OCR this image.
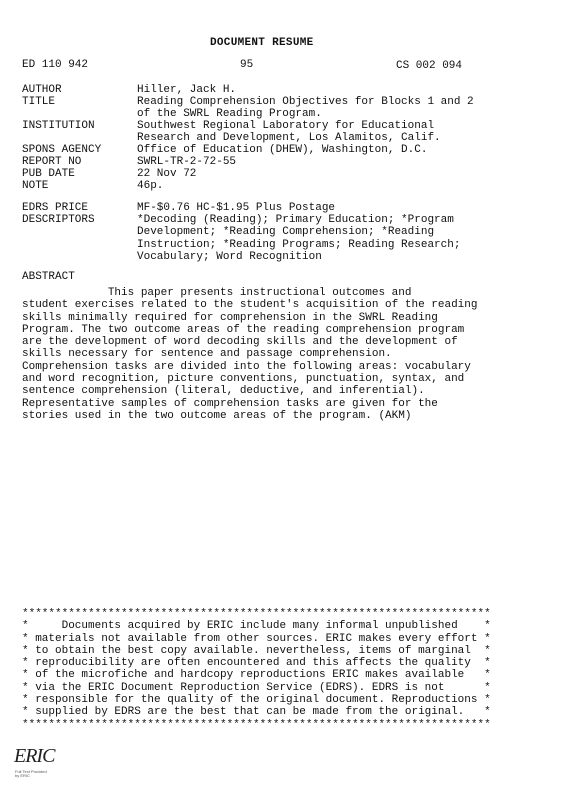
DOCUMENT RESUME
ED 110 942	95	CS 002 094
AUTHOR	Hiller, Jack H.
TITLE	Reading Comprehension Objectives for Blocks 1 and 2
of the SWRL Reading Program.
INSTITUTION	Southwest Regional Laboratory for Educational
Research and Development, Los Alamitos, Calif.
SPONS AGENCY	Office of Education (DHEW), Washington, D.C.
REPORT NO	SWRL-TR-2-72-55
PUB DATE	22 Nov 72
NOTE	46p.
EDRS PRICE	MF-$0.76 HC-$1.95 Plus Postage
DESCRIPTORS	*Decoding (Reading); Primary Education; *Program
Development; *Reading Comprehension; *Reading
Instruction; *Reading Programs; Reading Research;
Vocabulary; Word Recognition
ABSTRACT
This paper presents instructional outcomes and
student exercises related to the student's acquisition of the reading
skills minimally required for comprehension in the SWRL Reading
Program. The two outcome areas of the reading comprehension program
are the development of word decoding skills and the development of
skills necessary for sentence and passage comprehension.
Comprehension tasks are divided into the following areas: vocabulary
and word recognition, picture conventions, punctuation, syntax, and
sentence comprehension (literal, deductive, and inferential).
Representative samples of comprehension tasks are given for the
stories used in the two outcome areas of the program. (AKM)
***********************************************************************
*     Documents acquired by ERIC include many informal unpublished    *
* materials not available from other sources. ERIC makes every effort *
* to obtain the best copy available. nevertheless, items of marginal  *
* reproducibility are often encountered and this affects the quality  *
* of the microfiche and hardcopy reproductions ERIC makes available   *
* via the ERIC Document Reproduction Service (EDRS). EDRS is not      *
* responsible for the quality of the original document. Reproductions *
* supplied by EDRS are the best that can be made from the original.   *
***********************************************************************
ERIC
Full Text Provided by ERIC
